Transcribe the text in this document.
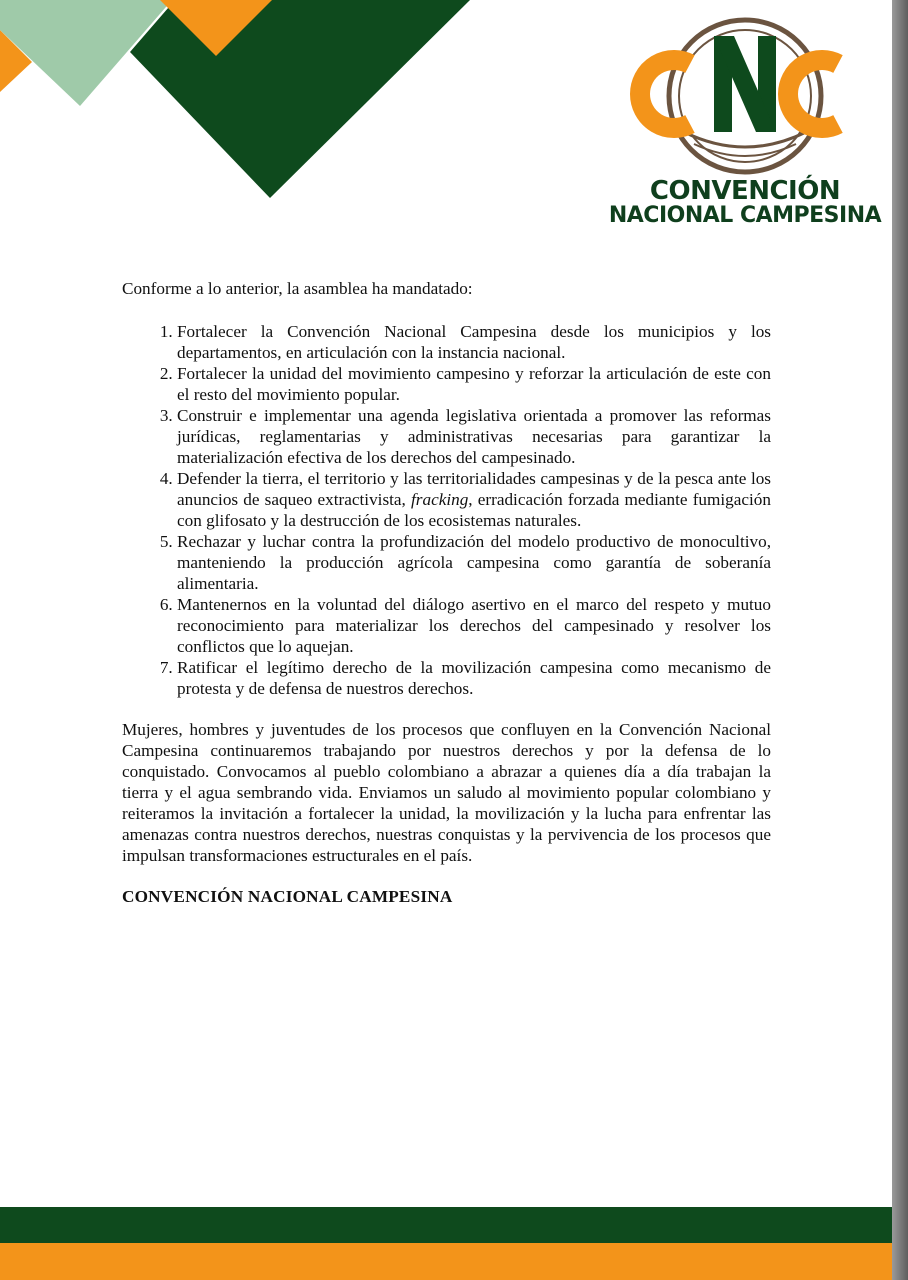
CONVENCIÓN
NACIONAL CAMPESINA

Conforme a lo anterior, la asamblea ha mandatado:

1. Fortalecer la Convención Nacional Campesina desde los municipios y los departamentos, en articulación con la instancia nacional.
2. Fortalecer la unidad del movimiento campesino y reforzar la articulación de este con el resto del movimiento popular.
3. Construir e implementar una agenda legislativa orientada a promover las reformas jurídicas, reglamentarias y administrativas necesarias para garantizar la materialización efectiva de los derechos del campesinado.
4. Defender la tierra, el territorio y las territorialidades campesinas y de la pesca ante los anuncios de saqueo extractivista, fracking, erradicación forzada mediante fumigación con glifosato y la destrucción de los ecosistemas naturales.
5. Rechazar y luchar contra la profundización del modelo productivo de monocultivo, manteniendo la producción agrícola campesina como garantía de soberanía alimentaria.
6. Mantenernos en la voluntad del diálogo asertivo en el marco del respeto y mutuo reconocimiento para materializar los derechos del campesinado y resolver los conflictos que lo aquejan.
7. Ratificar el legítimo derecho de la movilización campesina como mecanismo de protesta y de defensa de nuestros derechos.

Mujeres, hombres y juventudes de los procesos que confluyen en la Convención Nacional Campesina continuaremos trabajando por nuestros derechos y por la defensa de lo conquistado. Convocamos al pueblo colombiano a abrazar a quienes día a día trabajan la tierra y el agua sembrando vida. Enviamos un saludo al movimiento popular colombiano y reiteramos la invitación a fortalecer la unidad, la movilización y la lucha para enfrentar las amenazas contra nuestros derechos, nuestras conquistas y la pervivencia de los procesos que impulsan transformaciones estructurales en el país.

CONVENCIÓN NACIONAL CAMPESINA
